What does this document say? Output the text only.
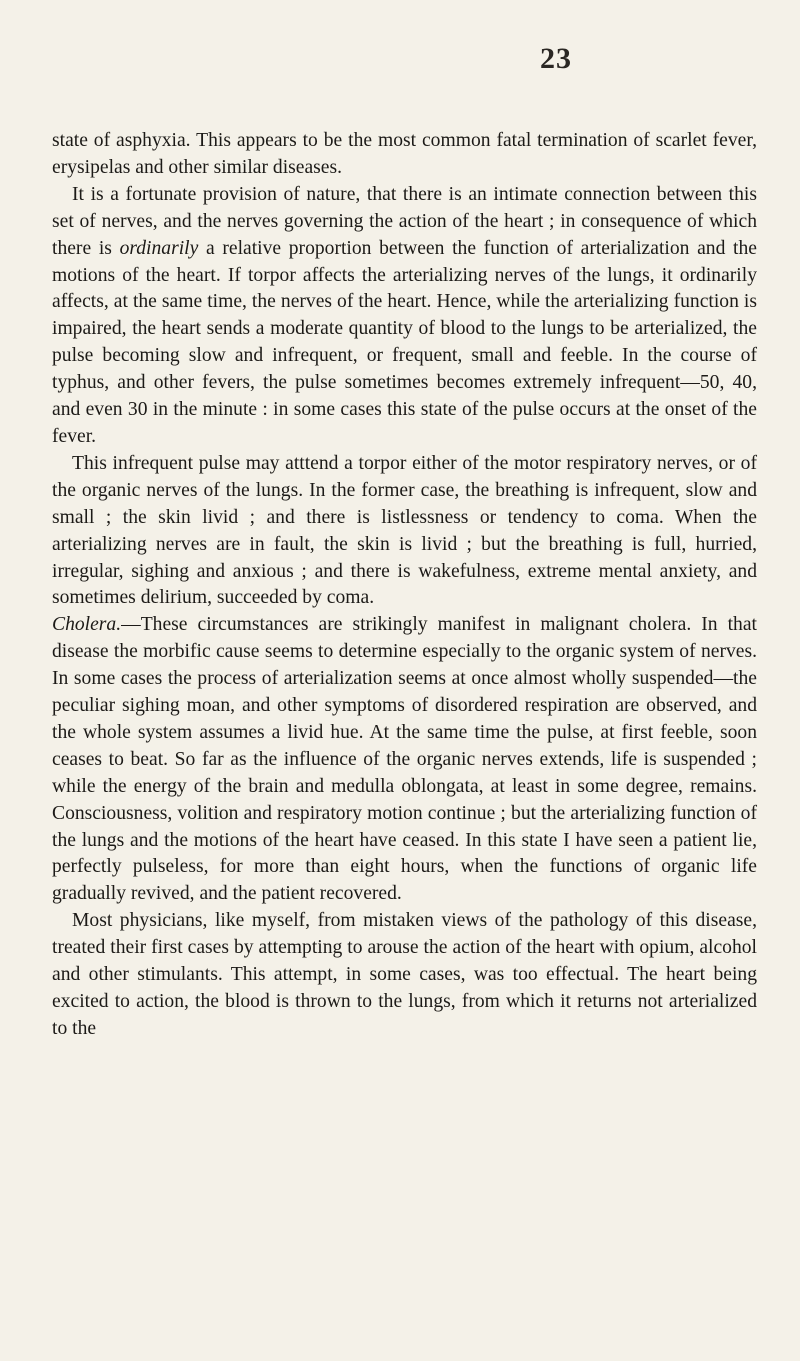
23

state of asphyxia. This appears to be the most common fatal termination of scarlet fever, erysipelas and other similar diseases.

It is a fortunate provision of nature, that there is an intimate connection between this set of nerves, and the nerves governing the action of the heart ; in consequence of which there is ordinarily a relative proportion between the function of arterialization and the motions of the heart. If torpor affects the arterializing nerves of the lungs, it ordinarily affects, at the same time, the nerves of the heart. Hence, while the arterializing function is impaired, the heart sends a moderate quantity of blood to the lungs to be arterialized, the pulse becoming slow and infrequent, or frequent, small and feeble. In the course of typhus, and other fevers, the pulse sometimes becomes extremely infrequent—50, 40, and even 30 in the minute : in some cases this state of the pulse occurs at the onset of the fever.

This infrequent pulse may atttend a torpor either of the motor respiratory nerves, or of the organic nerves of the lungs. In the former case, the breathing is infrequent, slow and small ; the skin livid ; and there is listlessness or tendency to coma. When the arterializing nerves are in fault, the skin is livid ; but the breathing is full, hurried, irregular, sighing and anxious ; and there is wakefulness, extreme mental anxiety, and sometimes delirium, succeeded by coma.

Cholera.—These circumstances are strikingly manifest in malignant cholera. In that disease the morbific cause seems to determine especially to the organic system of nerves. In some cases the process of arterialization seems at once almost wholly suspended—the peculiar sighing moan, and other symptoms of disordered respiration are observed, and the whole system assumes a livid hue. At the same time the pulse, at first feeble, soon ceases to beat. So far as the influence of the organic nerves extends, life is suspended ; while the energy of the brain and medulla oblongata, at least in some degree, remains. Consciousness, volition and respiratory motion continue ; but the arterializing function of the lungs and the motions of the heart have ceased. In this state I have seen a patient lie, perfectly pulseless, for more than eight hours, when the functions of organic life gradually revived, and the patient recovered.

Most physicians, like myself, from mistaken views of the pathology of this disease, treated their first cases by attempting to arouse the action of the heart with opium, alcohol and other stimulants. This attempt, in some cases, was too effectual. The heart being excited to action, the blood is thrown to the lungs, from which it returns not arterialized to the
